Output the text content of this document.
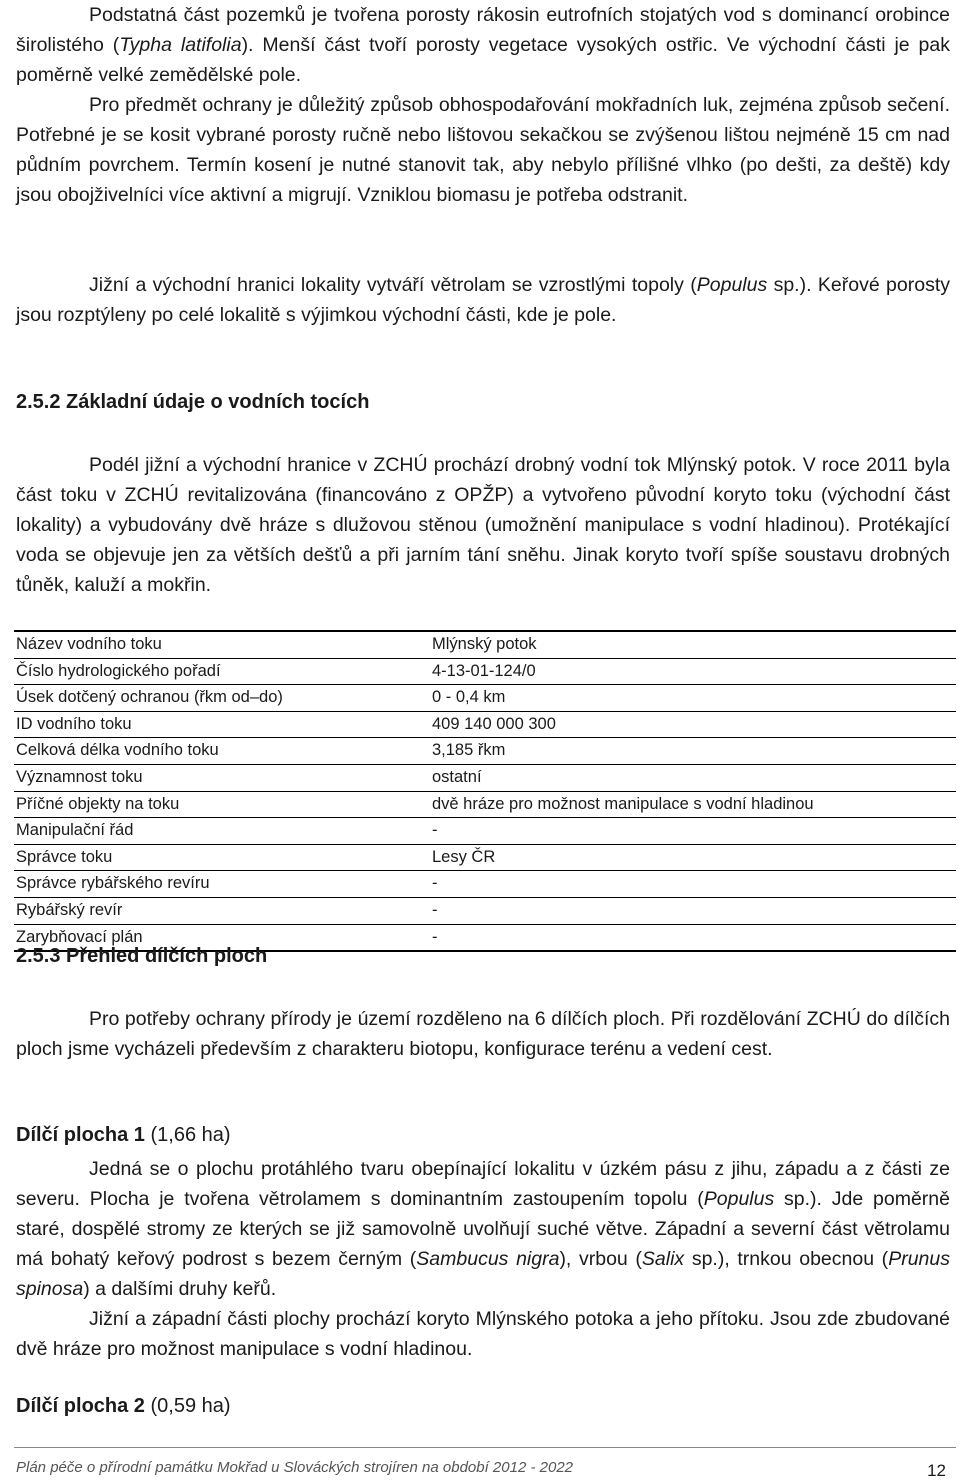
Podstatná část pozemků je tvořena porosty rákosin eutrofních stojatých vod s dominancí orobince širolistého (Typha latifolia). Menší část tvoří porosty vegetace vysokých ostřic. Ve východní části je pak poměrně velké zemědělské pole.

Pro předmět ochrany je důležitý způsob obhospodařování mokřadních luk, zejména způsob sečení. Potřebné je se kosit vybrané porosty ručně nebo lištovou sekačkou se zvýšenou lištou nejméně 15 cm nad půdním povrchem. Termín kosení je nutné stanovit tak, aby nebylo přílišné vlhko (po dešti, za deště) kdy jsou obojživelníci více aktivní a migrují. Vzniklou biomasu je potřeba odstranit.

Jižní a východní hranici lokality vytváří větrolam se vzrostlými topoly (Populus sp.). Keřové porosty jsou rozptýleny po celé lokalitě s výjimkou východní části, kde je pole.

2.5.2 Základní údaje o vodních tocích

Podél jižní a východní hranice v ZCHÚ prochází drobný vodní tok Mlýnský potok. V roce 2011 byla část toku v ZCHÚ revitalizována (financováno z OPŽP) a vytvořeno původní koryto toku (východní část lokality) a vybudovány dvě hráze s dlužovou stěnou (umožnění manipulace s vodní hladinou). Protékající voda se objevuje jen za větších dešťů a při jarním tání sněhu. Jinak koryto tvoří spíše soustavu drobných tůněk, kaluží a mokřin.

Název vodního toku	Mlýnský potok
Číslo hydrologického pořadí	4-13-01-124/0
Úsek dotčený ochranou (řkm od–do)	0 - 0,4 km
ID vodního toku	409 140 000 300
Celková délka vodního toku	3,185 řkm
Významnost toku	ostatní
Příčné objekty na toku	dvě hráze pro možnost manipulace s vodní hladinou
Manipulační řád	-
Správce toku	Lesy ČR
Správce rybářského revíru	-
Rybářský revír	-
Zarybňovací plán	-
2.5.3 Přehled dílčích ploch

Pro potřeby ochrany přírody je území rozděleno na 6 dílčích ploch. Při rozdělování ZCHÚ do dílčích ploch jsme vycházeli především z charakteru biotopu, konfigurace terénu a vedení cest.

Dílčí plocha 1 (1,66 ha)

Jedná se o plochu protáhlého tvaru obepínající lokalitu v úzkém pásu z jihu, západu a z části ze severu. Plocha je tvořena větrolamem s dominantním zastoupením topolu (Populus sp.). Jde poměrně staré, dospělé stromy ze kterých se již samovolně uvolňují suché větve. Západní a severní část větrolamu má bohatý keřový podrost s bezem černým (Sambucus nigra), vrbou (Salix sp.), trnkou obecnou (Prunus spinosa) a dalšími druhy keřů.

Jižní a západní části plochy prochází koryto Mlýnského potoka a jeho přítoku. Jsou zde zbudované dvě hráze pro možnost manipulace s vodní hladinou.

Dílčí plocha 2 (0,59 ha)

Plán péče o přírodní památku Mokřad u Slováckých strojíren na období 2012 - 2022	12
